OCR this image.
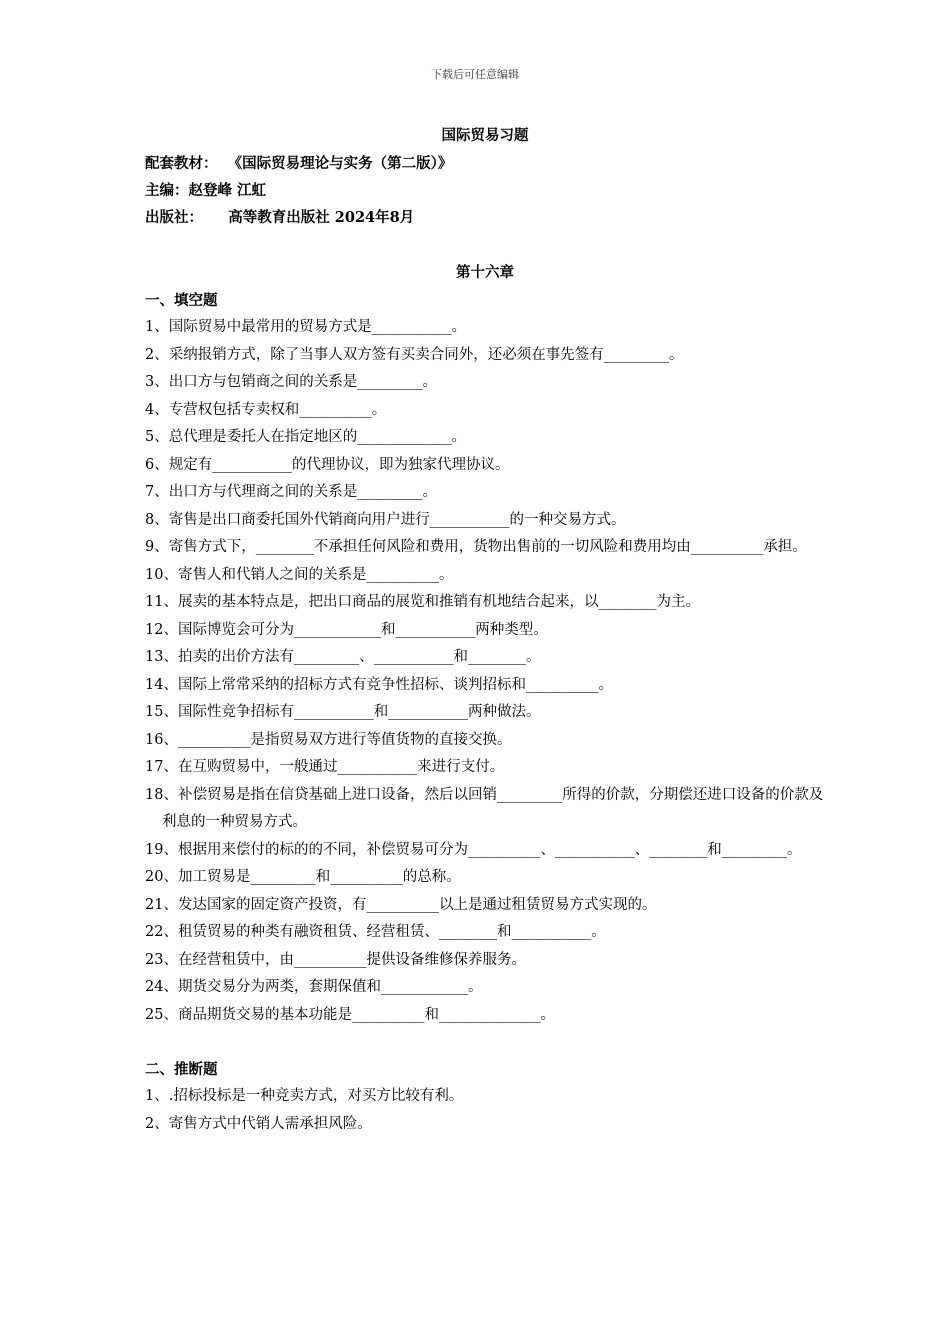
下载后可任意编辑
国际贸易习题
配套教材：  《国际贸易理论与实务（第二版）》
主编：赵登峰 江虹
出版社：     高等教育出版社 2024年8月
第十六章
一、填空题
1、国际贸易中最常用的贸易方式是___________。
2、采纳报销方式，除了当事人双方签有买卖合同外，还必须在事先签有_________。
3、出口方与包销商之间的关系是_________。
4、专营权包括专卖权和__________。
5、总代理是委托人在指定地区的_____________。
6、规定有___________的代理协议，即为独家代理协议。
7、出口方与代理商之间的关系是_________。
8、寄售是出口商委托国外代销商向用户进行___________的一种交易方式。
9、寄售方式下，________不承担任何风险和费用，货物出售前的一切风险和费用均由__________承担。
10、寄售人和代销人之间的关系是__________。
11、展卖的基本特点是，把出口商品的展览和推销有机地结合起来，以________为主。
12、国际博览会可分为____________和___________两种类型。
13、拍卖的出价方法有_________、___________和________。
14、国际上常常采纳的招标方式有竞争性招标、谈判招标和__________。
15、国际性竞争招标有___________和___________两种做法。
16、__________是指贸易双方进行等值货物的直接交换。
17、在互购贸易中，一般通过___________来进行支付。
18、补偿贸易是指在信贷基础上进口设备，然后以回销_________所得的价款，分期偿还进口设备的价款及利息的一种贸易方式。
19、根据用来偿付的标的的不同，补偿贸易可分为__________、___________、________和_________。
20、加工贸易是_________和__________的总称。
21、发达国家的固定资产投资，有__________以上是通过租赁贸易方式实现的。
22、租赁贸易的种类有融资租赁、经营租赁、________和___________。
23、在经营租赁中，由__________提供设备维修保养服务。
24、期货交易分为两类，套期保值和____________。
25、商品期货交易的基本功能是__________和______________。
二、推断题
1、.招标投标是一种竞卖方式，对买方比较有利。
2、寄售方式中代销人需承担风险。
